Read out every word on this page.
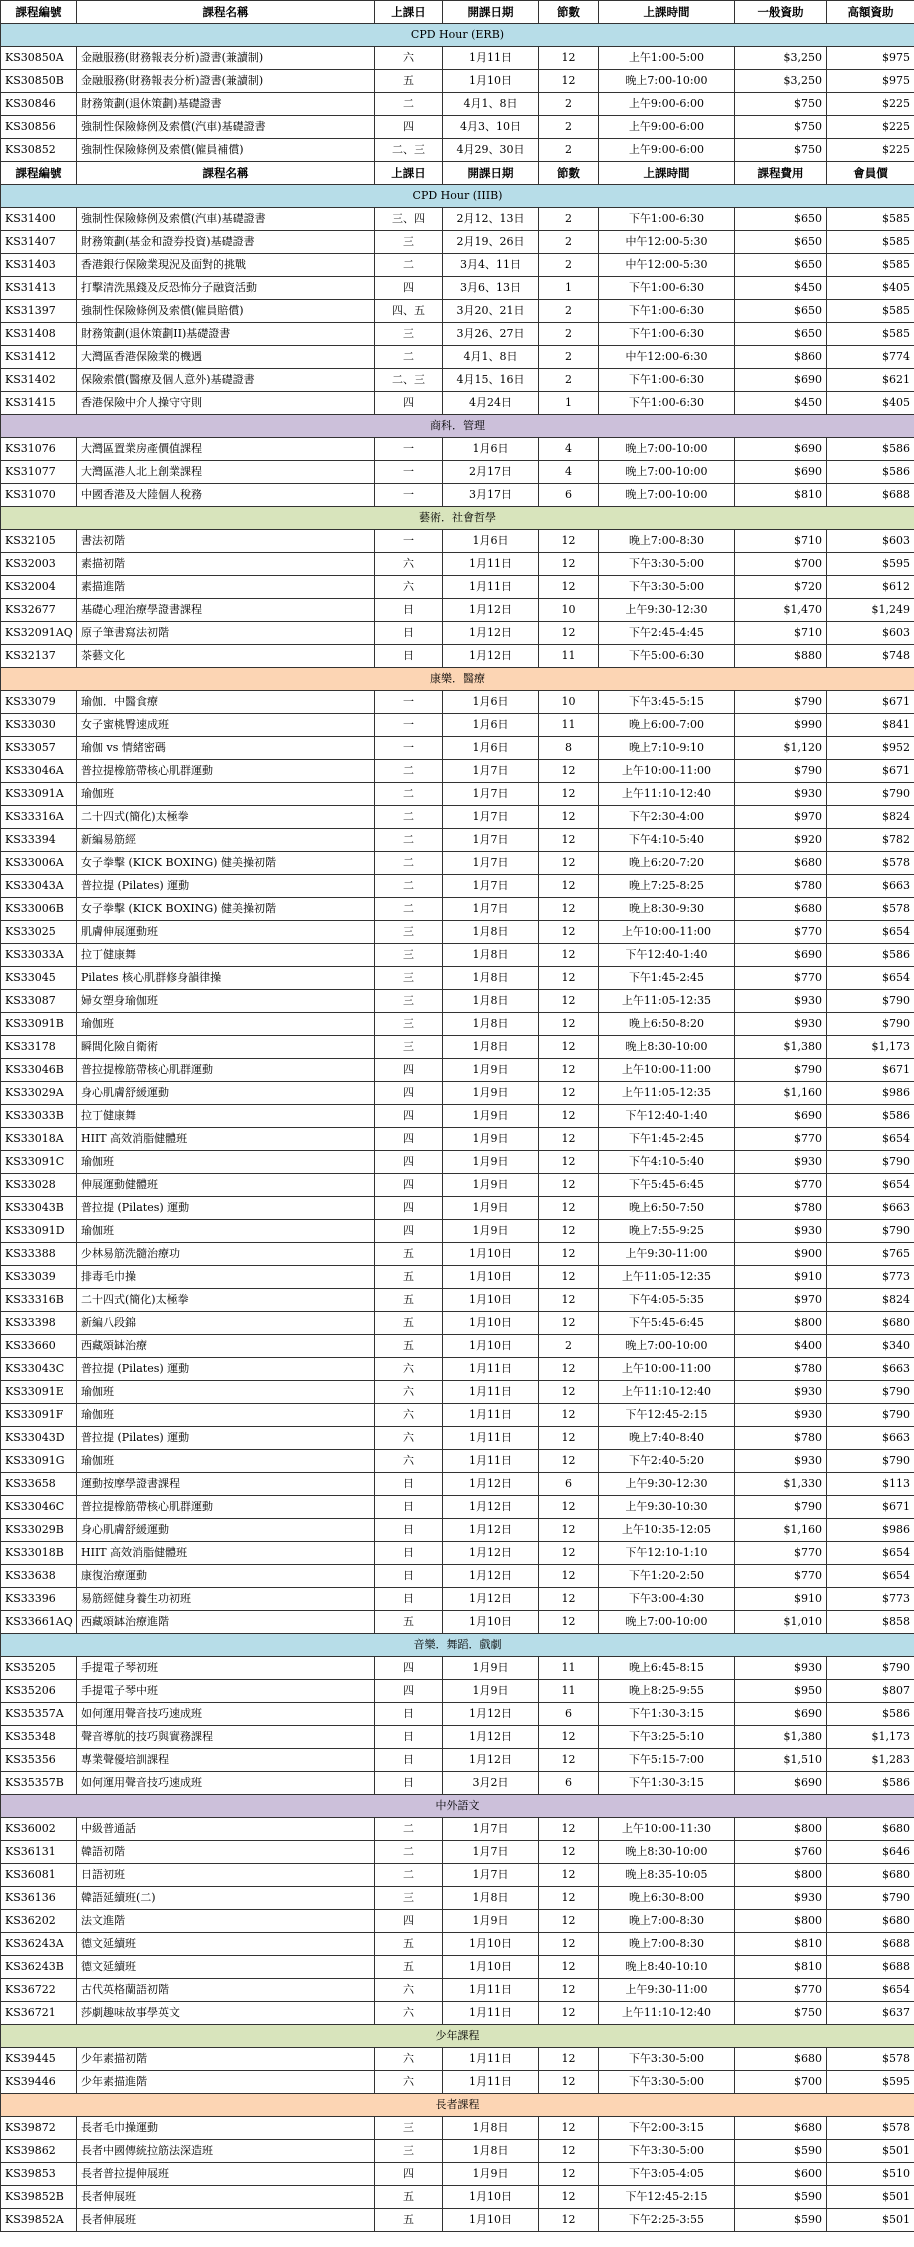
課程編號	課程名稱	上課日	開課日期	節數	上課時間	一般資助	高額資助
CPD Hour (ERB)							
KS30850A	金融服務(財務報表分析)證書(兼讀制)	六	1月11日	12	上午1:00-5:00	$3,250	$975
KS30850B	金融服務(財務報表分析)證書(兼讀制)	五	1月10日	12	晚上7:00-10:00	$3,250	$975
KS30846	財務策劃(退休策劃)基礎證書	二	4月1、8日	2	上午9:00-6:00	$750	$225
KS30856	強制性保險條例及索償(汽車)基礎證書	四	4月3、10日	2	上午9:00-6:00	$750	$225
KS30852	強制性保險條例及索償(僱員補償)	二、三	4月29、30日	2	上午9:00-6:00	$750	$225
課程編號	課程名稱	上課日	開課日期	節數	上課時間	課程費用	會員價
CPD Hour (IIIB)							
KS31400	強制性保險條例及索償(汽車)基礎證書	三、四	2月12、13日	2	下午1:00-6:30	$650	$585
KS31407	財務策劃(基金和證券投資)基礎證書	三	2月19、26日	2	中午12:00-5:30	$650	$585
KS31403	香港銀行保險業現況及面對的挑戰	二	3月4、11日	2	中午12:00-5:30	$650	$585
KS31413	打擊清洗黑錢及反恐怖分子融資活動	四	3月6、13日	1	下午1:00-6:30	$450	$405
KS31397	強制性保險條例及索償(僱員賠償)	四、五	3月20、21日	2	下午1:00-6:30	$650	$585
KS31408	財務策劃(退休策劃II)基礎證書	三	3月26、27日	2	下午1:00-6:30	$650	$585
KS31412	大灣區香港保險業的機遇	二	4月1、8日	2	中午12:00-6:30	$860	$774
KS31402	保險索償(醫療及個人意外)基礎證書	二、三	4月15、16日	2	下午1:00-6:30	$690	$621
KS31415	香港保險中介人操守守則	四	4月24日	1	下午1:00-6:30	$450	$405
商科．管理							
KS31076	大灣區置業房產價值課程	一	1月6日	4	晚上7:00-10:00	$690	$586
KS31077	大灣區港人北上創業課程	一	2月17日	4	晚上7:00-10:00	$690	$586
KS31070	中國香港及大陸個人稅務	一	3月17日	6	晚上7:00-10:00	$810	$688
藝術．社會哲學							
KS32105	書法初階	一	1月6日	12	晚上7:00-8:30	$710	$603
KS32003	素描初階	六	1月11日	12	下午3:30-5:00	$700	$595
KS32004	素描進階	六	1月11日	12	下午3:30-5:00	$720	$612
KS32677	基礎心理治療學證書課程	日	1月12日	10	上午9:30-12:30	$1,470	$1,249
KS32091AQ	原子筆書寫法初階	日	1月12日	12	下午2:45-4:45	$710	$603
KS32137	茶藝文化	日	1月12日	11	下午5:00-6:30	$880	$748
康樂．醫療							
KS33079	瑜伽．中醫食療	一	1月6日	10	下午3:45-5:15	$790	$671
KS33030	女子蜜桃臀速成班	一	1月6日	11	晚上6:00-7:00	$990	$841
KS33057	瑜伽 vs 情緒密碼	一	1月6日	8	晚上7:10-9:10	$1,120	$952
KS33046A	普拉提橡筋帶核心肌群運動	二	1月7日	12	上午10:00-11:00	$790	$671
KS33091A	瑜伽班	二	1月7日	12	上午11:10-12:40	$930	$790
KS33316A	二十四式(簡化)太極拳	二	1月7日	12	下午2:30-4:00	$970	$824
KS33394	新編易筋經	二	1月7日	12	下午4:10-5:40	$920	$782
KS33006A	女子拳擊 (KICK BOXING) 健美操初階	二	1月7日	12	晚上6:20-7:20	$680	$578
KS33043A	普拉提 (Pilates) 運動	二	1月7日	12	晚上7:25-8:25	$780	$663
KS33006B	女子拳擊 (KICK BOXING) 健美操初階	二	1月7日	12	晚上8:30-9:30	$680	$578
KS33025	肌膚伸展運動班	三	1月8日	12	上午10:00-11:00	$770	$654
KS33033A	拉丁健康舞	三	1月8日	12	下午12:40-1:40	$690	$586
KS33045	Pilates 核心肌群修身韻律操	三	1月8日	12	下午1:45-2:45	$770	$654
KS33087	婦女塑身瑜伽班	三	1月8日	12	上午11:05-12:35	$930	$790
KS33091B	瑜伽班	三	1月8日	12	晚上6:50-8:20	$930	$790
KS33178	瞬間化險自衛術	三	1月8日	12	晚上8:30-10:00	$1,380	$1,173
KS33046B	普拉提橡筋帶核心肌群運動	四	1月9日	12	上午10:00-11:00	$790	$671
KS33029A	身心肌膚舒緩運動	四	1月9日	12	上午11:05-12:35	$1,160	$986
KS33033B	拉丁健康舞	四	1月9日	12	下午12:40-1:40	$690	$586
KS33018A	HIIT 高效消脂健體班	四	1月9日	12	下午1:45-2:45	$770	$654
KS33091C	瑜伽班	四	1月9日	12	下午4:10-5:40	$930	$790
KS33028	伸展運動健體班	四	1月9日	12	下午5:45-6:45	$770	$654
KS33043B	普拉提 (Pilates) 運動	四	1月9日	12	晚上6:50-7:50	$780	$663
KS33091D	瑜伽班	四	1月9日	12	晚上7:55-9:25	$930	$790
KS33388	少林易筋洗髓治療功	五	1月10日	12	上午9:30-11:00	$900	$765
KS33039	排毒毛巾操	五	1月10日	12	上午11:05-12:35	$910	$773
KS33316B	二十四式(簡化)太極拳	五	1月10日	12	下午4:05-5:35	$970	$824
KS33398	新編八段錦	五	1月10日	12	下午5:45-6:45	$800	$680
KS33660	西藏頌缽治療	五	1月10日	2	晚上7:00-10:00	$400	$340
KS33043C	普拉提 (Pilates) 運動	六	1月11日	12	上午10:00-11:00	$780	$663
KS33091E	瑜伽班	六	1月11日	12	上午11:10-12:40	$930	$790
KS33091F	瑜伽班	六	1月11日	12	下午12:45-2:15	$930	$790
KS33043D	普拉提 (Pilates) 運動	六	1月11日	12	晚上7:40-8:40	$780	$663
KS33091G	瑜伽班	六	1月11日	12	下午2:40-5:20	$930	$790
KS33658	運動按摩學證書課程	日	1月12日	6	上午9:30-12:30	$1,330	$113
KS33046C	普拉提橡筋帶核心肌群運動	日	1月12日	12	上午9:30-10:30	$790	$671
KS33029B	身心肌膚舒緩運動	日	1月12日	12	上午10:35-12:05	$1,160	$986
KS33018B	HIIT 高效消脂健體班	日	1月12日	12	下午12:10-1:10	$770	$654
KS33638	康復治療運動	日	1月12日	12	下午1:20-2:50	$770	$654
KS33396	易筋經健身養生功初班	日	1月12日	12	下午3:00-4:30	$910	$773
KS33661AQ	西藏頌缽治療進階	五	1月10日	12	晚上7:00-10:00	$1,010	$858
音樂．舞蹈．戲劇							
KS35205	手提電子琴初班	四	1月9日	11	晚上6:45-8:15	$930	$790
KS35206	手提電子琴中班	四	1月9日	11	晚上8:25-9:55	$950	$807
KS35357A	如何運用聲音技巧速成班	日	1月12日	6	下午1:30-3:15	$690	$586
KS35348	聲音導航的技巧與實務課程	日	1月12日	12	下午3:25-5:10	$1,380	$1,173
KS35356	專業聲優培訓課程	日	1月12日	12	下午5:15-7:00	$1,510	$1,283
KS35357B	如何運用聲音技巧速成班	日	3月2日	6	下午1:30-3:15	$690	$586
中外語文							
KS36002	中級普通話	二	1月7日	12	上午10:00-11:30	$800	$680
KS36131	韓語初階	二	1月7日	12	晚上8:30-10:00	$760	$646
KS36081	日語初班	二	1月7日	12	晚上8:35-10:05	$800	$680
KS36136	韓語延續班(二)	三	1月8日	12	晚上6:30-8:00	$930	$790
KS36202	法文進階	四	1月9日	12	晚上7:00-8:30	$800	$680
KS36243A	德文延續班	五	1月10日	12	晚上7:00-8:30	$810	$688
KS36243B	德文延續班	五	1月10日	12	晚上8:40-10:10	$810	$688
KS36722	古代英格蘭語初階	六	1月11日	12	上午9:30-11:00	$770	$654
KS36721	莎劇趣味故事學英文	六	1月11日	12	上午11:10-12:40	$750	$637
少年課程							
KS39445	少年素描初階	六	1月11日	12	下午3:30-5:00	$680	$578
KS39446	少年素描進階	六	1月11日	12	下午3:30-5:00	$700	$595
長者課程							
KS39872	長者毛巾操運動	三	1月8日	12	下午2:00-3:15	$680	$578
KS39862	長者中國傳統拉筋法深造班	三	1月8日	12	下午3:30-5:00	$590	$501
KS39853	長者普拉提伸展班	四	1月9日	12	下午3:05-4:05	$600	$510
KS39852B	長者伸展班	五	1月10日	12	下午12:45-2:15	$590	$501
KS39852A	長者伸展班	五	1月10日	12	下午2:25-3:55	$590	$501
